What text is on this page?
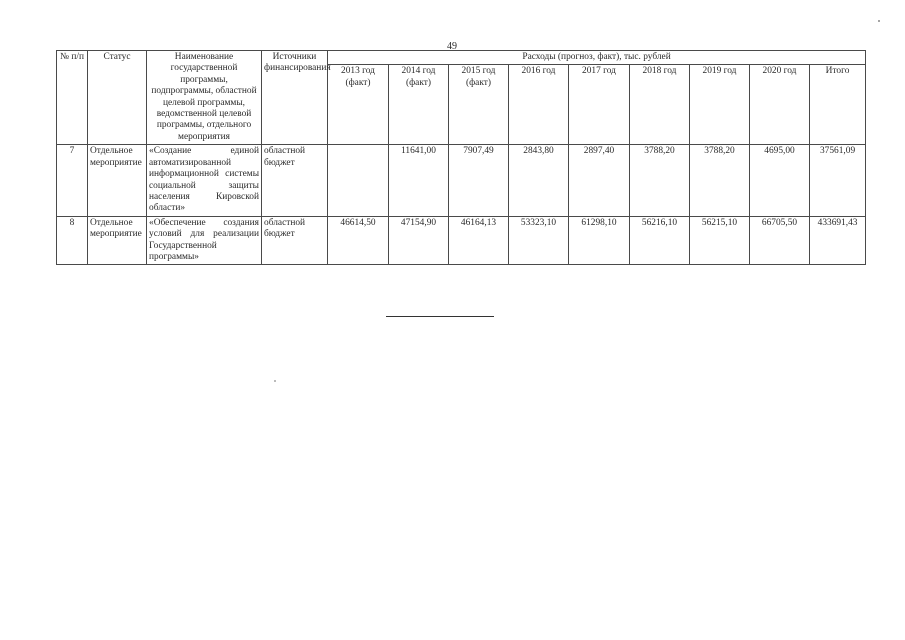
49
№ п/п	Статус	Наименование государственной программы, подпрограммы, областной целевой программы, ведомственной целевой программы, отдельного мероприятия	Источники финансирования	Расходы (прогноз, факт), тыс. рублей								
				2013 год (факт)	2014 год (факт)	2015 год (факт)	2016 год	2017 год	2018 год	2019 год	2020 год	Итого
7	Отдельное мероприятие	«Создание единой автоматизированной информационной системы социальной защиты населения Кировской области»	областной бюджет		11641,00	7907,49	2843,80	2897,40	3788,20	3788,20	4695,00	37561,09
8	Отдельное мероприятие	«Обеспечение создания условий для реализации Государственной программы»	областной бюджет	46614,50	47154,90	46164,13	53323,10	61298,10	56216,10	56215,10	66705,50	433691,43
